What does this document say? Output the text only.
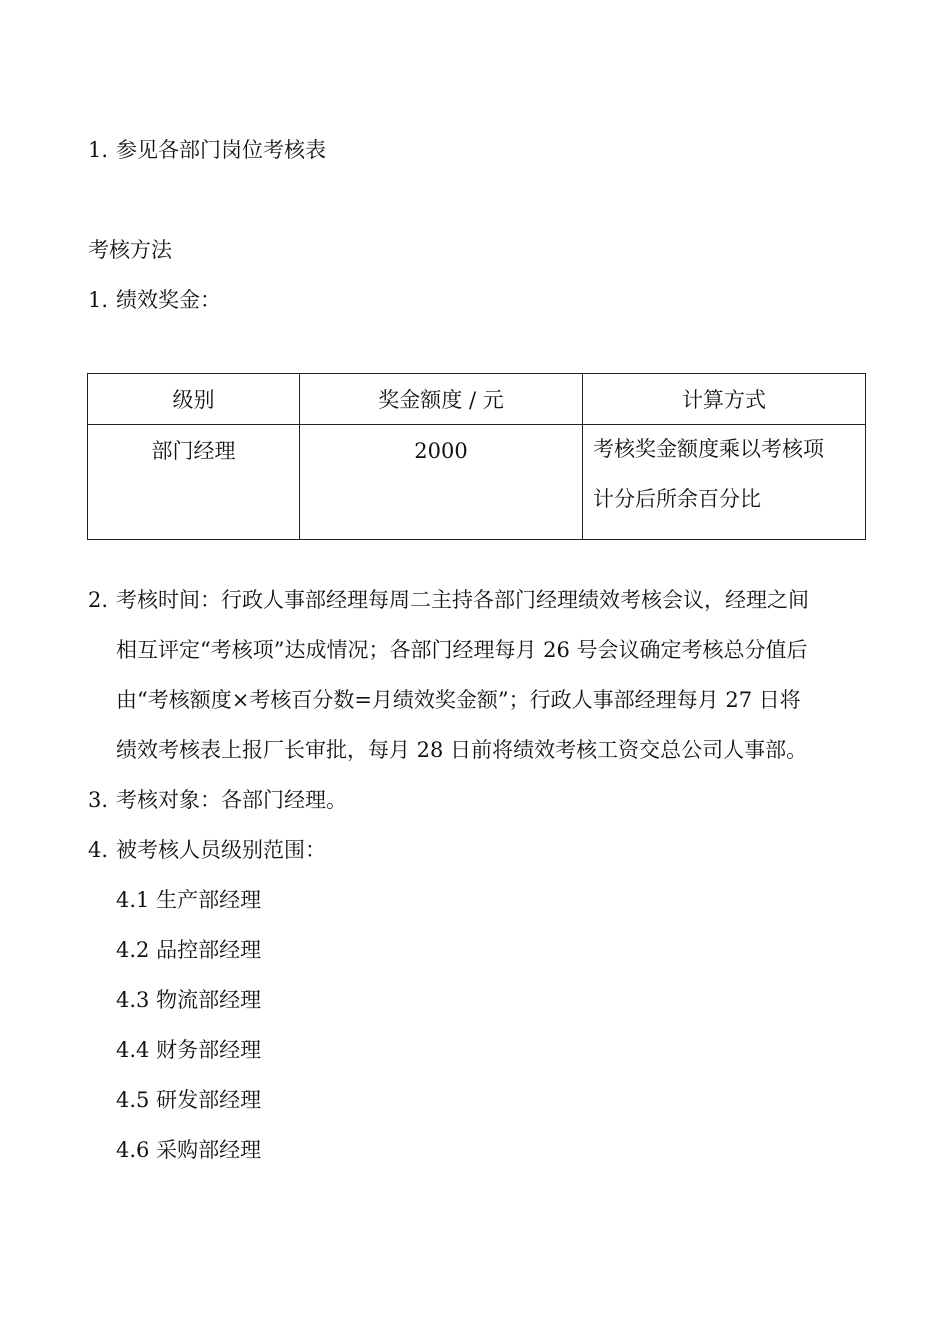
1. 参见各部门岗位考核表
考核方法
1. 绩效奖金：
级别	奖金额度 / 元	计算方式

部门经理	2000	考核奖金额度乘以考核项
计分后所余百分比
2. 考核时间：行政人事部经理每周二主持各部门经理绩效考核会议，经理之间
相互评定“考核项”达成情况；各部门经理每月 26 号会议确定考核总分值后
由“考核额度×考核百分数=月绩效奖金额”；行政人事部经理每月 27 日将
绩效考核表上报厂长审批，每月 28 日前将绩效考核工资交总公司人事部。
3. 考核对象：各部门经理。
4. 被考核人员级别范围：
4.1 生产部经理
4.2 品控部经理
4.3 物流部经理
4.4 财务部经理
4.5 研发部经理
4.6 采购部经理
